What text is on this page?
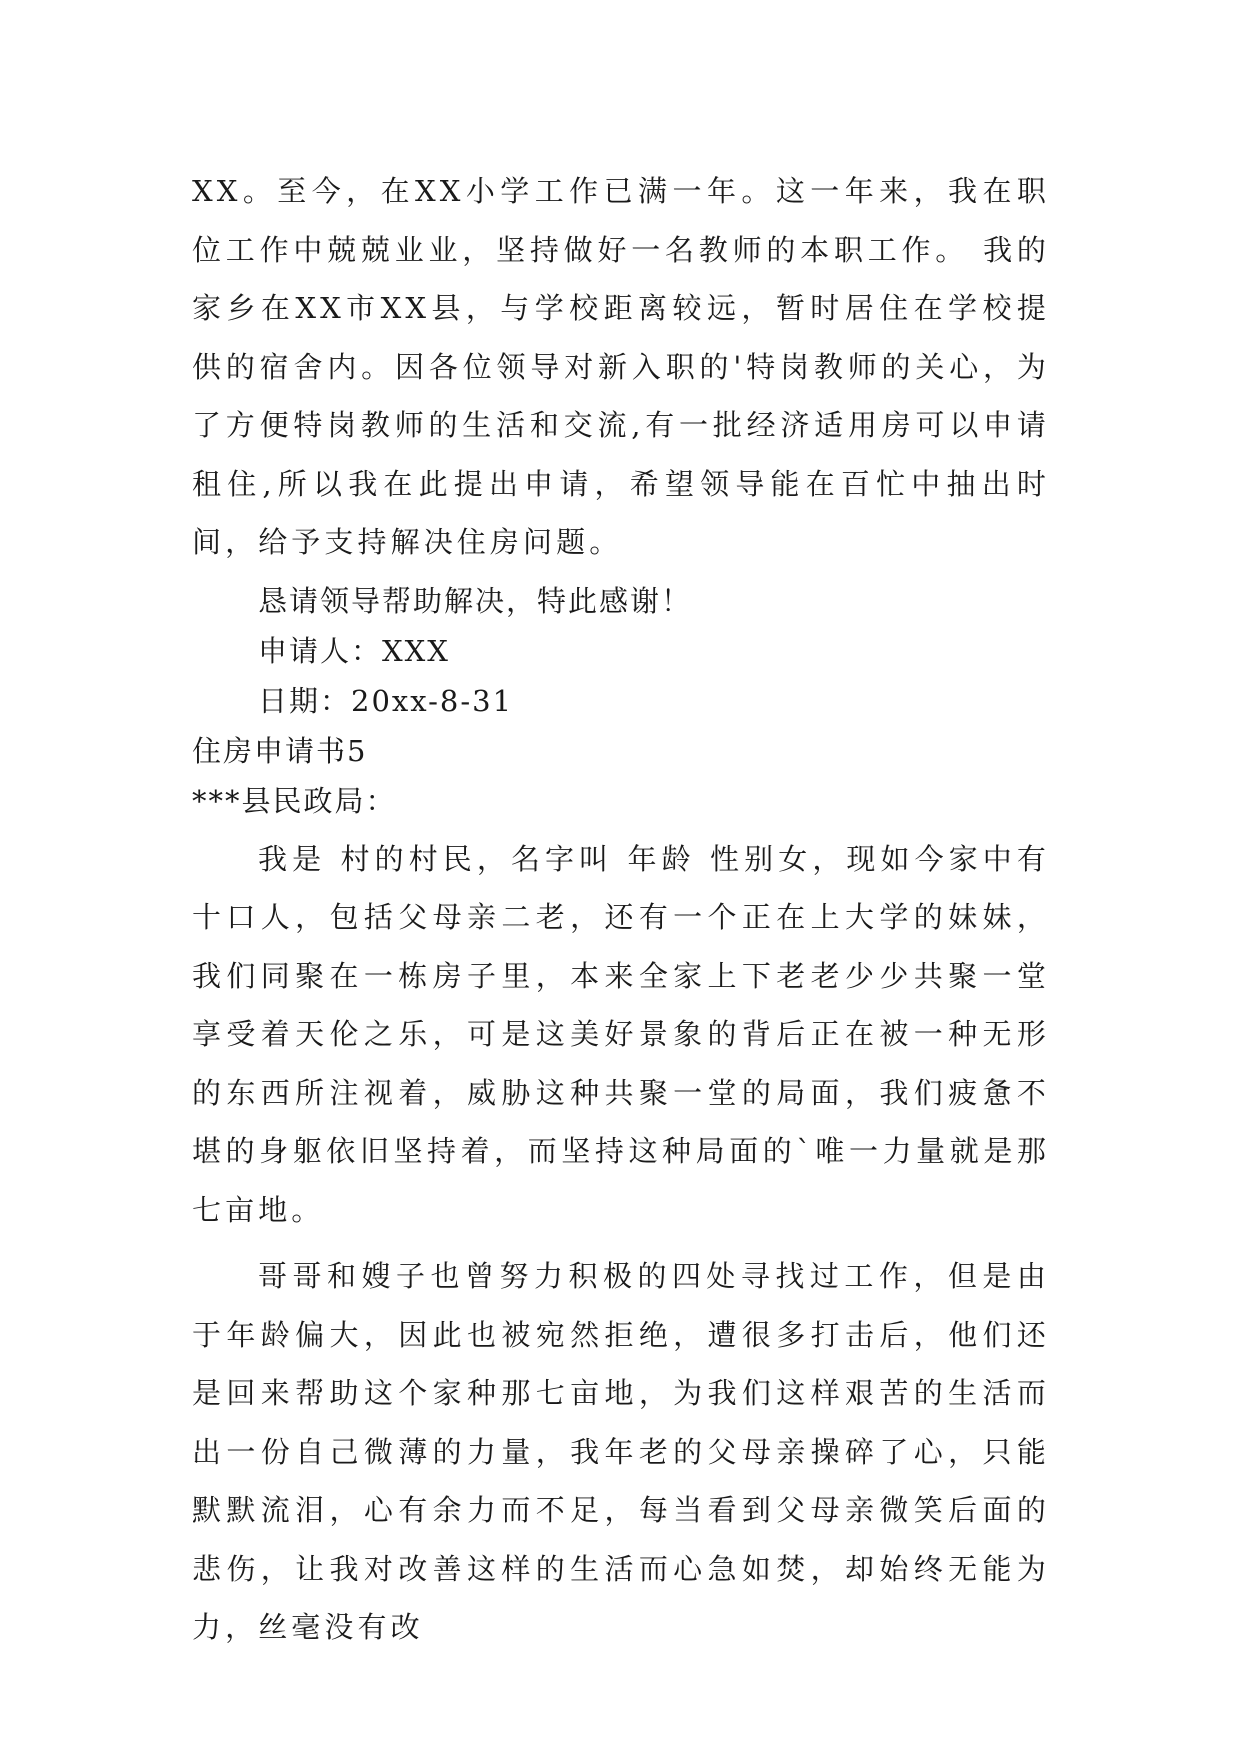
XX。至今，在XX小学工作已满一年。这一年来，我在职位工作中兢兢业业，坚持做好一名教师的本职工作。 我的家乡在XX市XX县，与学校距离较远，暂时居住在学校提供的宿舍内。因各位领导对新入职的'特岗教师的关心，为了方便特岗教师的生活和交流,有一批经济适用房可以申请租住,所以我在此提出申请，希望领导能在百忙中抽出时间，给予支持解决住房问题。

恳请领导帮助解决，特此感谢！

申请人：XXX

日期：20xx-8-31

住房申请书5

***县民政局：

我是 村的村民，名字叫 年龄 性别女，现如今家中有十口人，包括父母亲二老，还有一个正在上大学的妹妹，我们同聚在一栋房子里，本来全家上下老老少少共聚一堂享受着天伦之乐，可是这美好景象的背后正在被一种无形的东西所注视着，威胁这种共聚一堂的局面，我们疲惫不堪的身躯依旧坚持着，而坚持这种局面的`唯一力量就是那七亩地。

哥哥和嫂子也曾努力积极的四处寻找过工作，但是由于年龄偏大，因此也被宛然拒绝，遭很多打击后，他们还是回来帮助这个家种那七亩地，为我们这样艰苦的生活而出一份自己微薄的力量，我年老的父母亲操碎了心，只能默默流泪，心有余力而不足，每当看到父母亲微笑后面的悲伤，让我对改善这样的生活而心急如焚，却始终无能为力，丝毫没有改
